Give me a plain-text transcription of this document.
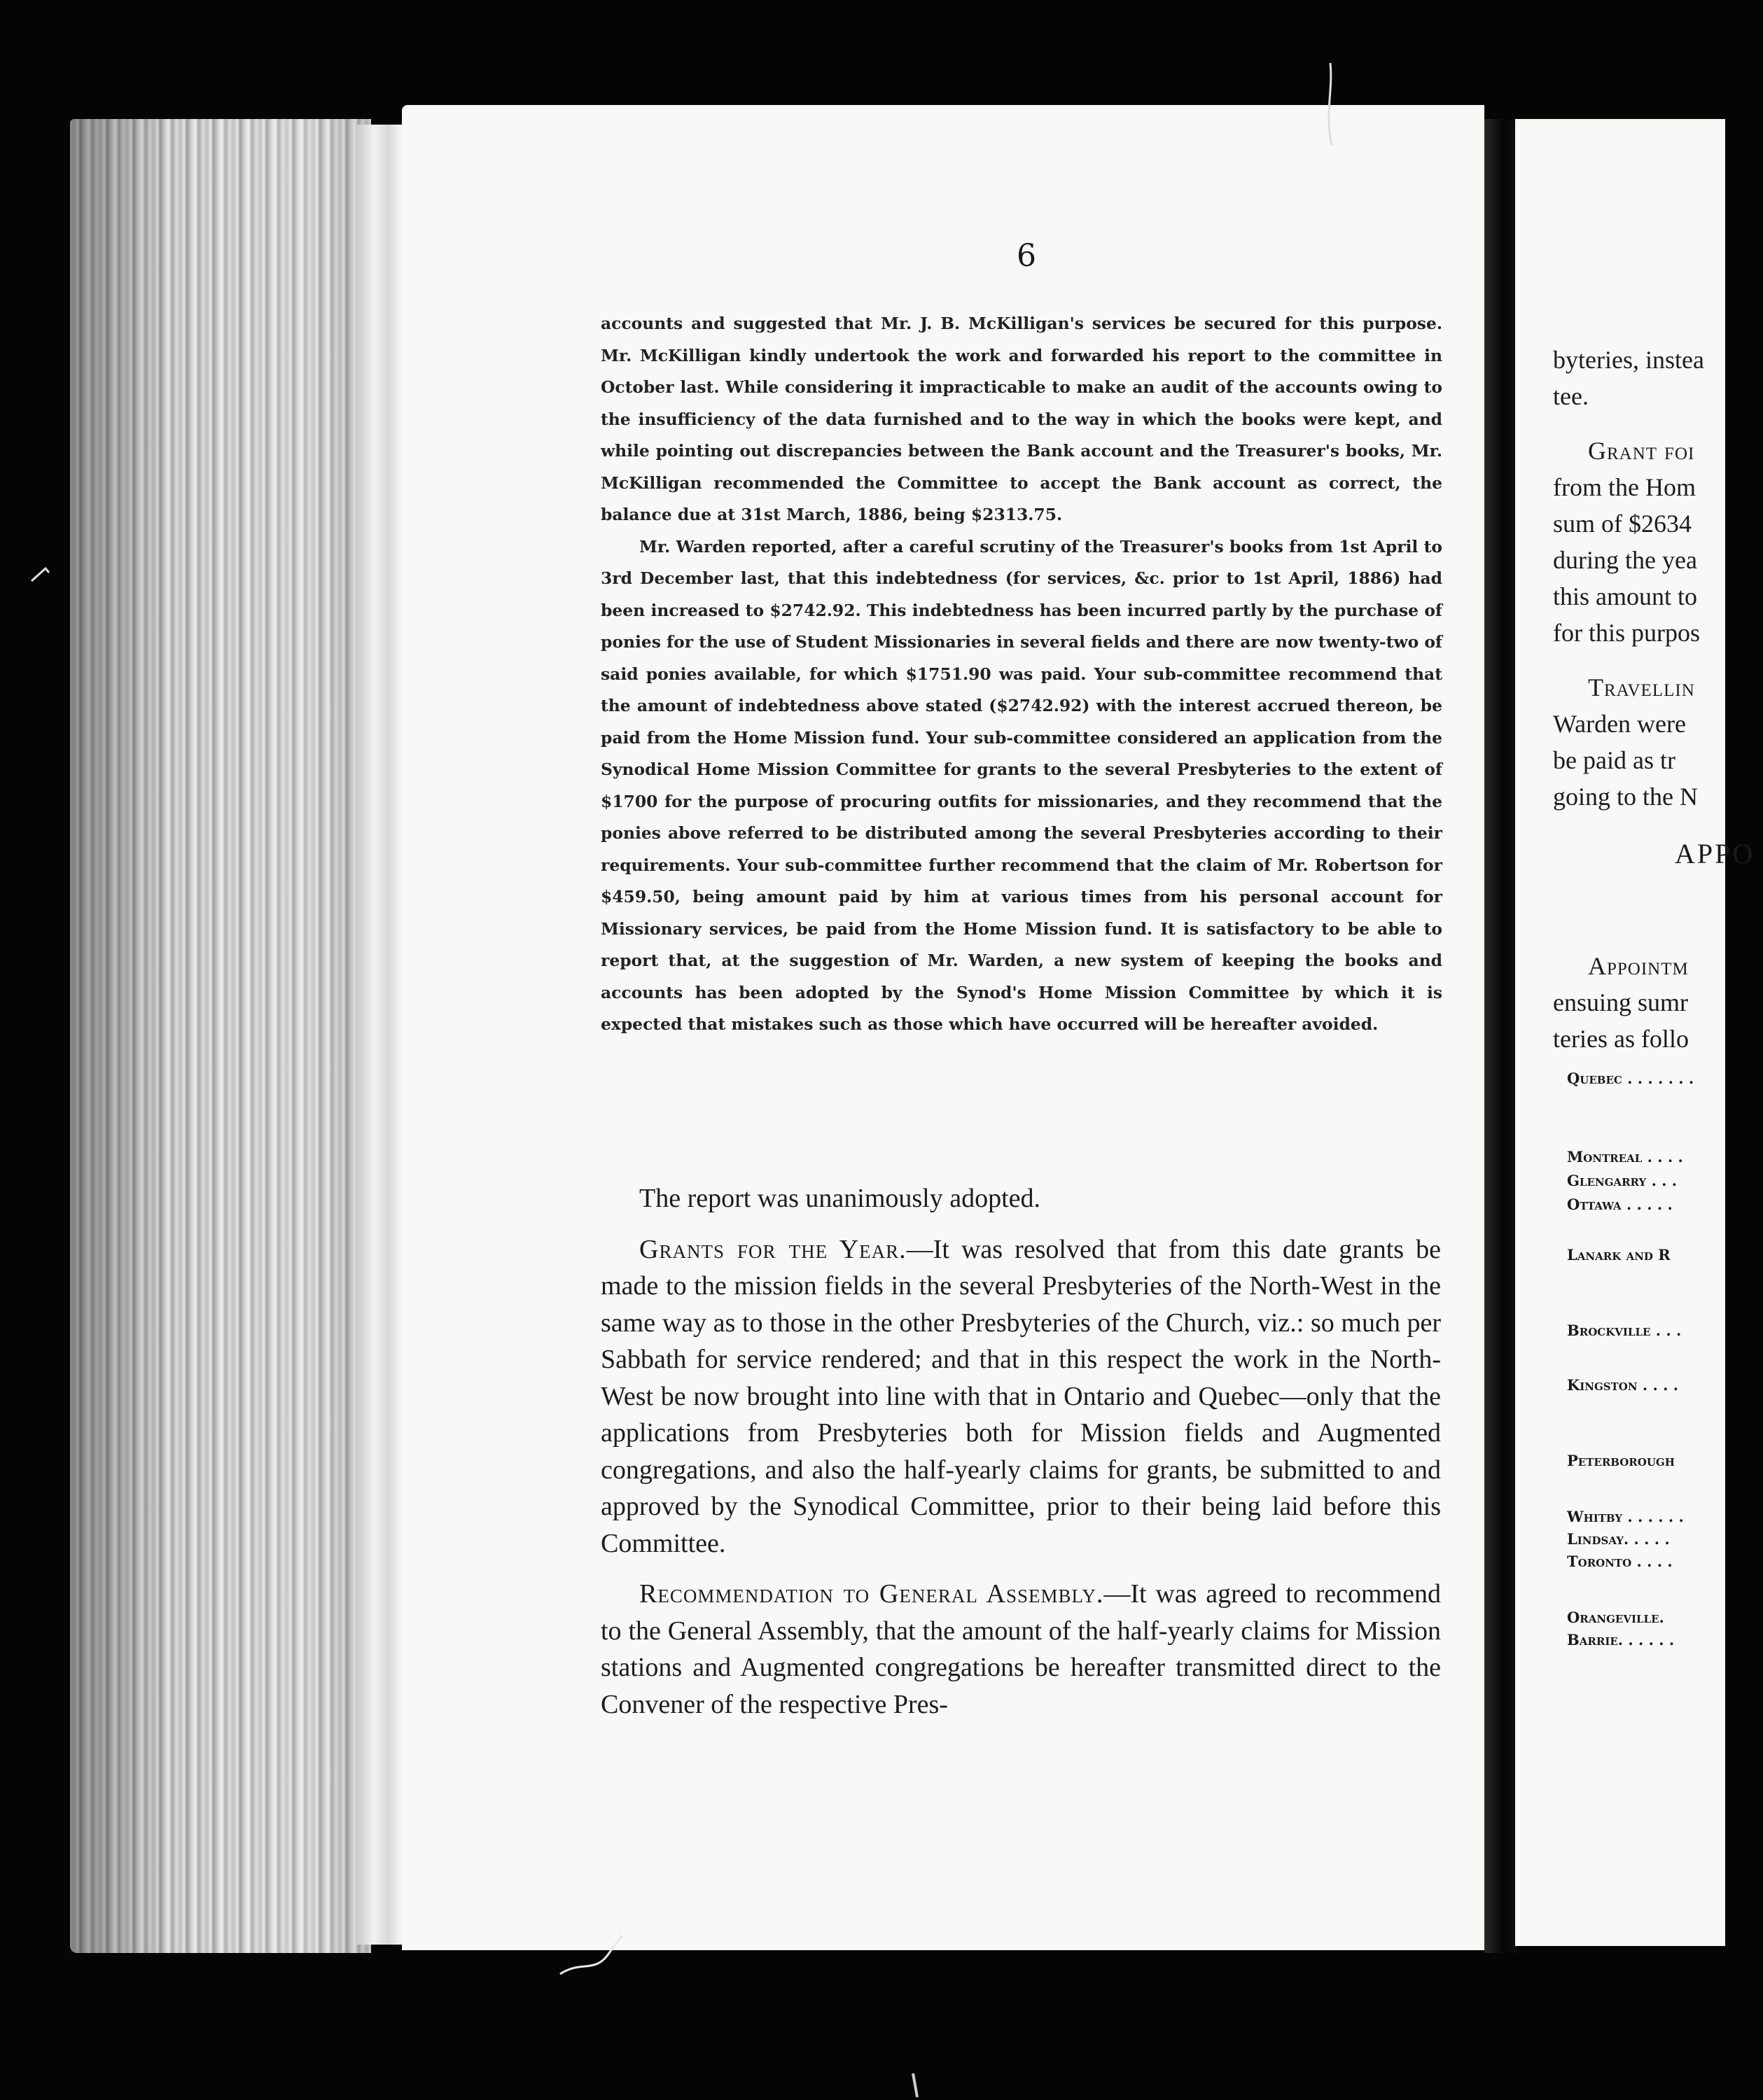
6

accounts and suggested that Mr. J. B. McKilligan's services be secured for this purpose. Mr. McKilligan kindly undertook the work and forwarded his report to the committee in October last. While considering it impracticable to make an audit of the accounts owing to the insufficiency of the data furnished and to the way in which the books were kept, and while pointing out discrepancies between the Bank account and the Treasurer's books, Mr. McKilligan recommended the Committee to accept the Bank account as correct, the balance due at 31st March, 1886, being $2313.75.

Mr. Warden reported, after a careful scrutiny of the Treasurer's books from 1st April to 3rd December last, that this indebtedness (for services, &c. prior to 1st April, 1886) had been increased to $2742.92. This indebtedness has been incurred partly by the purchase of ponies for the use of Student Missionaries in several fields and there are now twenty-two of said ponies available, for which $1751.90 was paid. Your sub-committee recommend that the amount of indebtedness above stated ($2742.92) with the interest accrued thereon, be paid from the Home Mission fund. Your sub-committee considered an application from the Synodical Home Mission Committee for grants to the several Presbyteries to the extent of $1700 for the purpose of procuring outfits for missionaries, and they recommend that the ponies above referred to be distributed among the several Presbyteries according to their requirements. Your sub-committee further recommend that the claim of Mr. Robertson for $459.50, being amount paid by him at various times from his personal account for Missionary services, be paid from the Home Mission fund. It is satisfactory to be able to report that, at the suggestion of Mr. Warden, a new system of keeping the books and accounts has been adopted by the Synod's Home Mission Committee by which it is expected that mistakes such as those which have occurred will be hereafter avoided.

The report was unanimously adopted.

Grants for the Year.—It was resolved that from this date grants be made to the mission fields in the several Presbyteries of the North-West in the same way as to those in the other Presbyteries of the Church, viz.: so much per Sabbath for service rendered; and that in this respect the work in the North-West be now brought into line with that in Ontario and Quebec—only that the applications from Presbyteries both for Mission fields and Augmented congregations, and also the half-yearly claims for grants, be submitted to and approved by the Synodical Committee, prior to their being laid before this Committee.

Recommendation to General Assembly.—It was agreed to recommend to the General Assembly, that the amount of the half-yearly claims for Mission stations and Augmented congregations be hereafter transmitted direct to the Convener of the respective Pres-

byteries, instea

tee.

Grant foi

from the Hom

sum of $2634

during the yea

this amount to

for this purpos

Travellin

Warden were

be paid as tr

going to the N

APPO

Appointm

ensuing sumr

teries as follo

Quebec . . . . . . .
Montreal . . . .
Glengarry . . .
Ottawa . . . . .
Lanark and R
Brockville . . .
Kingston . . . .
Peterborough
Whitby . . . . . .
Lindsay. . . . .
Toronto . . . .
Orangeville.
Barrie. . . . . .
